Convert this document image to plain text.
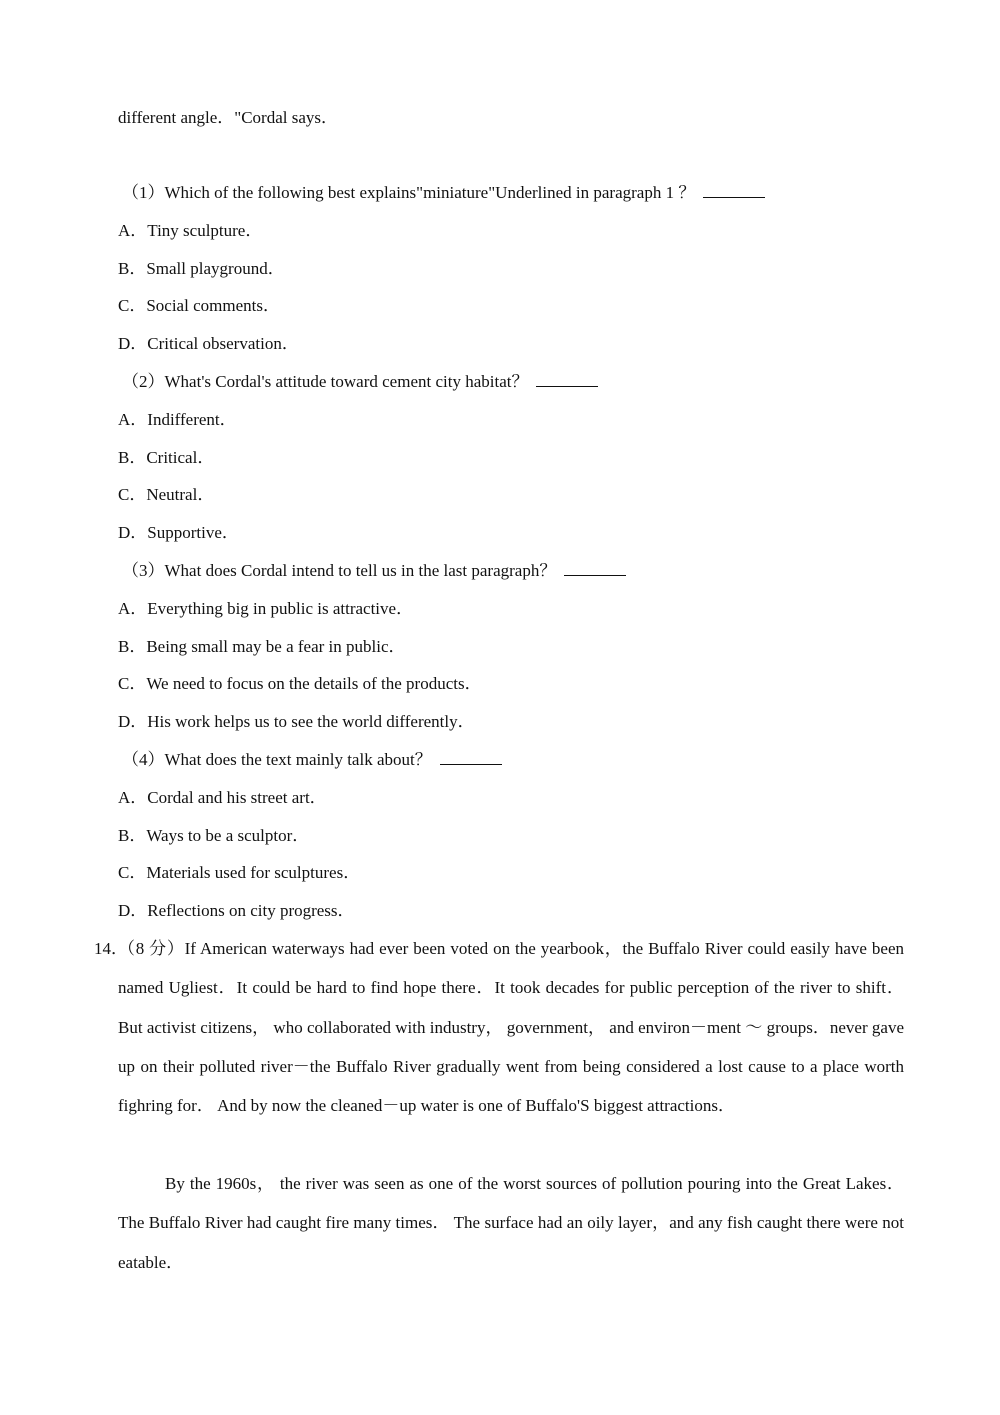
different angle．"Cordal says．
（1）Which of the following best explains"miniature"Underlined in paragraph 1 ？
A．Tiny sculpture．
B．Small playground．
C．Social comments．
D．Critical observation．
（2）What's Cordal's attitude toward cement city habitat？
A．Indifferent．
B．Critical．
C．Neutral．
D．Supportive．
（3）What does Cordal intend to tell us in the last paragraph？
A．Everything big in public is attractive．
B．Being small may be a fear in public．
C．We need to focus on the details of the products．
D．His work helps us to see the world differently．
（4）What does the text mainly talk about？
A．Cordal and his street art．
B．Ways to be a sculptor．
C．Materials used for sculptures．
D．Reflections on city progress．

14．
（8 分）If American waterways had ever been voted on the yearbook，the Buffalo River could easily have been named Ugliest．It could be hard to find hope there．It took decades for public perception of the river to shift． But activist citizens， who collaborated with industry， government， and environ－ment ～ groups．never gave up on their polluted river－the Buffalo River gradually went from being considered a lost cause to a place worth fighring for． And by now the cleaned－up water is one of Buffalo'S biggest attractions．

By the 1960s， the river was seen as one of the worst sources of pollution pouring into the Great Lakes．The Buffalo River had caught fire many times． The surface had an oily layer，and any fish caught there were not eatable．
